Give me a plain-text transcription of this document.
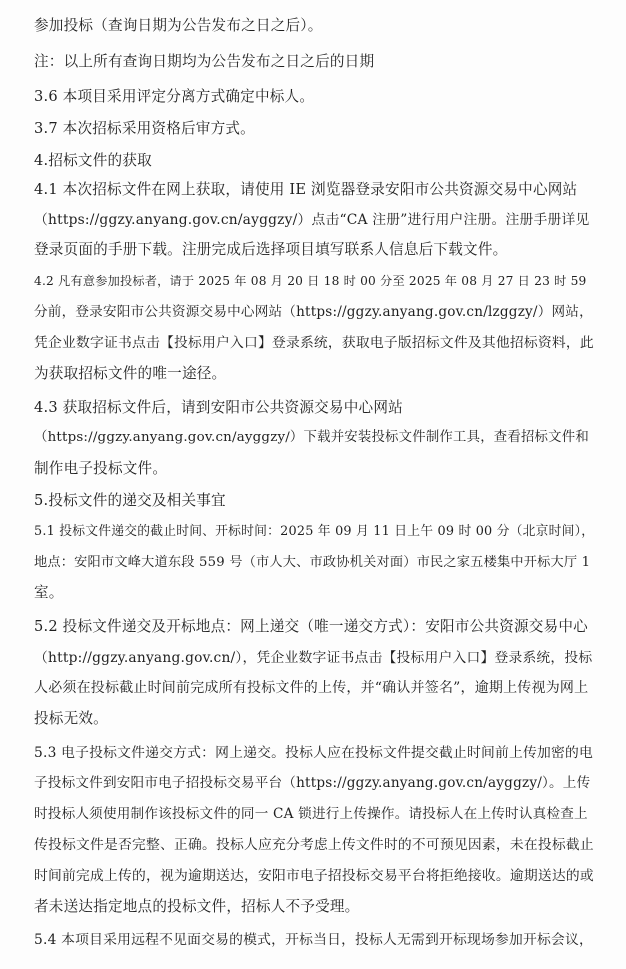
参加投标（查询日期为公告发布之日之后）。
注：以上所有查询日期均为公告发布之日之后的日期
3.6 本项目采用评定分离方式确定中标人。
3.7 本次招标采用资格后审方式。
4.招标文件的获取
4.1 本次招标文件在网上获取，请使用 IE 浏览器登录安阳市公共资源交易中心网站
（https://ggzy.anyang.gov.cn/ayggzy/）点击“CA 注册”进行用户注册。注册手册详见
登录页面的手册下载。注册完成后选择项目填写联系人信息后下载文件。
4.2 凡有意参加投标者，请于 2025 年 08 月 20 日 18 时 00 分至 2025 年 08 月 27 日 23 时 59
分前，登录安阳市公共资源交易中心网站（https://ggzy.anyang.gov.cn/lzggzy/）网站，
凭企业数字证书点击【投标用户入口】登录系统，获取电子版招标文件及其他招标资料，此
为获取招标文件的唯一途径。
4.3 获取招标文件后，请到安阳市公共资源交易中心网站
（https://ggzy.anyang.gov.cn/ayggzy/）下载并安装投标文件制作工具，查看招标文件和
制作电子投标文件。
5.投标文件的递交及相关事宜
5.1 投标文件递交的截止时间、开标时间：2025 年 09 月 11 日上午 09 时 00 分（北京时间），
地点：安阳市文峰大道东段 559 号（市人大、市政协机关对面）市民之家五楼集中开标大厅 1
室。
5.2 投标文件递交及开标地点：网上递交（唯一递交方式）：安阳市公共资源交易中心
（http://ggzy.anyang.gov.cn/），凭企业数字证书点击【投标用户入口】登录系统，投标
人必须在投标截止时间前完成所有投标文件的上传，并“确认并签名”，逾期上传视为网上
投标无效。
5.3 电子投标文件递交方式：网上递交。投标人应在投标文件提交截止时间前上传加密的电
子投标文件到安阳市电子招投标交易平台（https://ggzy.anyang.gov.cn/ayggzy/）。上传
时投标人须使用制作该投标文件的同一 CA 锁进行上传操作。请投标人在上传时认真检查上
传投标文件是否完整、正确。投标人应充分考虑上传文件时的不可预见因素，未在投标截止
时间前完成上传的，视为逾期送达，安阳市电子招投标交易平台将拒绝接收。逾期送达的或
者未送达指定地点的投标文件，招标人不予受理。
5.4 本项目采用远程不见面交易的模式，开标当日，投标人无需到开标现场参加开标会议，
